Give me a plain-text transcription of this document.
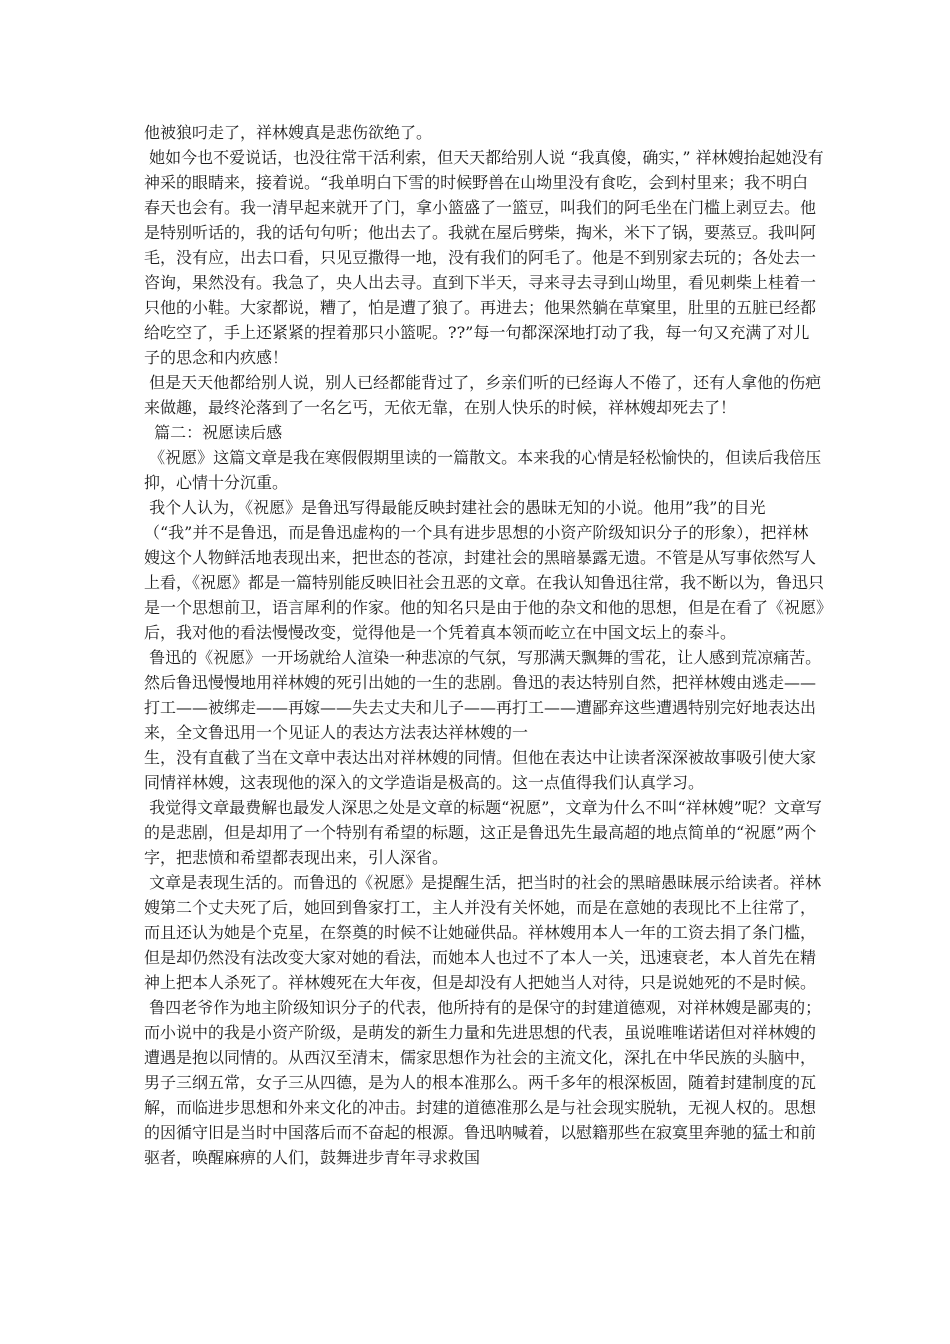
他被狼叼走了，祥林嫂真是悲伤欲绝了。

她如今也不爱说话，也没往常干活利索，但天天都给别人说 “我真傻，确实，” 祥林嫂抬起她没有神采的眼睛来，接着说。“我单明白下雪的时候野兽在山坳里没有食吃，会到村里来；我不明白春天也会有。我一清早起来就开了门，拿小篮盛了一篮豆，叫我们的阿毛坐在门槛上剥豆去。他是特别听话的，我的话句句听；他出去了。我就在屋后劈柴，掏米，米下了锅，要蒸豆。我叫阿毛，没有应，出去口看，只见豆撒得一地，没有我们的阿毛了。他是不到别家去玩的；各处去一咨询，果然没有。我急了，央人出去寻。直到下半天，寻来寻去寻到山坳里，看见刺柴上桂着一只他的小鞋。大家都说，糟了，怕是遭了狼了。再进去；他果然躺在草窠里，肚里的五脏已经都给吃空了，手上还紧紧的捏着那只小篮呢。??”每一句都深深地打动了我，每一句又充满了对儿子的思念和内疚感！

但是天天他都给别人说，别人已经都能背过了，乡亲们听的已经诲人不倦了，还有人拿他的伤疤来做趣，最终沦落到了一名乞丐，无依无靠，在别人快乐的时候，祥林嫂却死去了！

篇二：祝愿读后感

《祝愿》这篇文章是我在寒假假期里读的一篇散文。本来我的心情是轻松愉快的，但读后我倍压抑，心情十分沉重。

我个人认为，《祝愿》是鲁迅写得最能反映封建社会的愚昧无知的小说。他用”我”的目光（“我”并不是鲁迅，而是鲁迅虚构的一个具有进步思想的小资产阶级知识分子的形象），把祥林嫂这个人物鲜活地表现出来，把世态的苍凉，封建社会的黑暗暴露无遗。不管是从写事依然写人上看，《祝愿》都是一篇特别能反映旧社会丑恶的文章。在我认知鲁迅往常，我不断以为，鲁迅只是一个思想前卫，语言犀利的作家。他的知名只是由于他的杂文和他的思想，但是在看了《祝愿》后，我对他的看法慢慢改变，觉得他是一个凭着真本领而屹立在中国文坛上的泰斗。

鲁迅的《祝愿》一开场就给人渲染一种悲凉的气氛，写那满天飘舞的雪花，让人感到荒凉痛苦。然后鲁迅慢慢地用祥林嫂的死引出她的一生的悲剧。鲁迅的表达特别自然，把祥林嫂由逃走——打工——被绑走——再嫁——失去丈夫和儿子——再打工——遭鄙弃这些遭遇特别完好地表达出来，全文鲁迅用一个见证人的表达方法表达祥林嫂的一

生，没有直截了当在文章中表达出对祥林嫂的同情。但他在表达中让读者深深被故事吸引使大家同情祥林嫂，这表现他的深入的文学造诣是极高的。这一点值得我们认真学习。

我觉得文章最费解也最发人深思之处是文章的标题“祝愿”，文章为什么不叫“祥林嫂”呢？文章写的是悲剧，但是却用了一个特别有希望的标题，这正是鲁迅先生最高超的地点简单的“祝愿”两个字，把悲愤和希望都表现出来，引人深省。

文章是表现生活的。而鲁迅的《祝愿》是提醒生活，把当时的社会的黑暗愚昧展示给读者。祥林嫂第二个丈夫死了后，她回到鲁家打工，主人并没有关怀她，而是在意她的表现比不上往常了，而且还认为她是个克星，在祭奠的时候不让她碰供品。祥林嫂用本人一年的工资去捐了条门槛，但是却仍然没有法改变大家对她的看法，而她本人也过不了本人一关，迅速衰老，本人首先在精神上把本人杀死了。祥林嫂死在大年夜，但是却没有人把她当人对待，只是说她死的不是时候。

鲁四老爷作为地主阶级知识分子的代表，他所持有的是保守的封建道德观，对祥林嫂是鄙夷的；而小说中的我是小资产阶级，是萌发的新生力量和先进思想的代表，虽说唯唯诺诺但对祥林嫂的遭遇是抱以同情的。从西汉至清末，儒家思想作为社会的主流文化，深扎在中华民族的头脑中，男子三纲五常，女子三从四德，是为人的根本准那么。两千多年的根深板固，随着封建制度的瓦解，而临进步思想和外来文化的冲击。封建的道德准那么是与社会现实脱轨，无视人权的。思想的因循守旧是当时中国落后而不奋起的根源。鲁迅呐喊着，以慰籍那些在寂寞里奔驰的猛士和前驱者，唤醒麻痹的人们，鼓舞进步青年寻求救国
